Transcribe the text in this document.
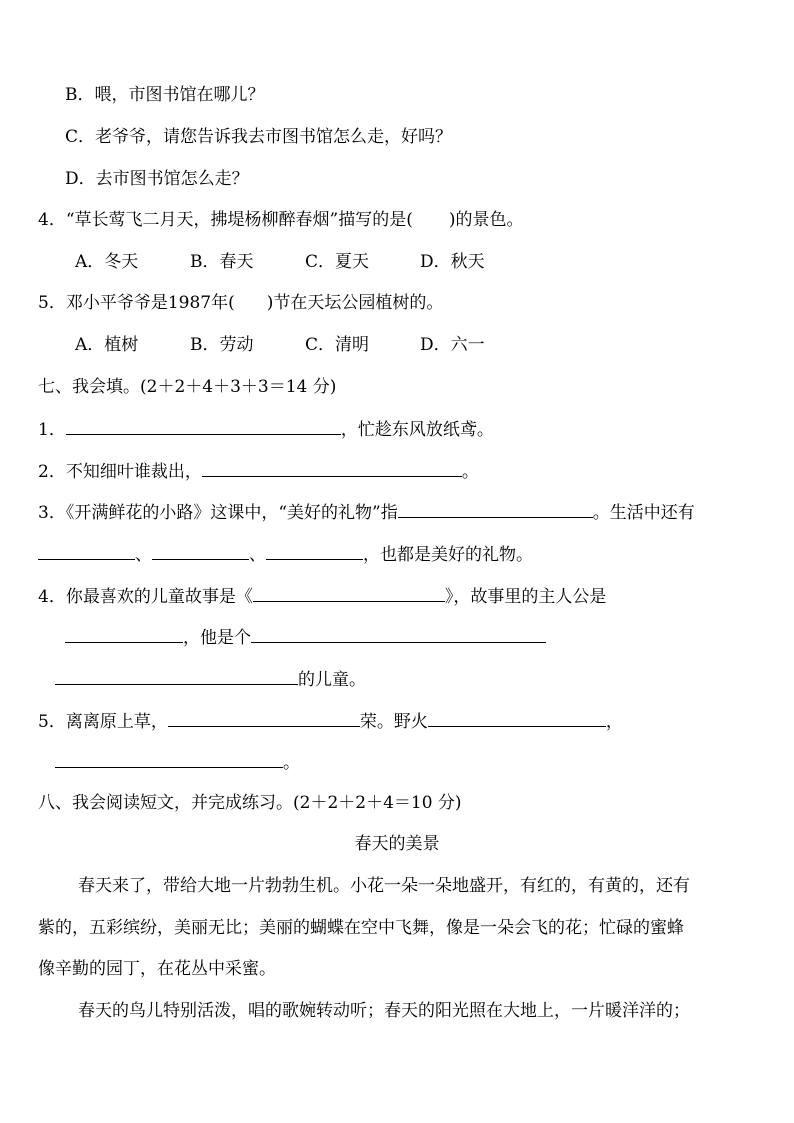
B．喂，市图书馆在哪儿？
C．老爷爷，请您告诉我去市图书馆怎么走，好吗？
D．去市图书馆怎么走？
4．“草长莺飞二月天，拂堤杨柳醉春烟”描写的是( )的景色。
A．冬天	B．春天	C．夏天	D．秋天
5．邓小平爷爷是1987年( )节在天坛公园植树的。
A．植树	B．劳动	C．清明	D．六一
七、我会填。(2＋2＋4＋3＋3＝14 分)
1．	，忙趁东风放纸鸢。
2．不知细叶谁裁出，	。
3．《开满鲜花的小路》这课中，“美好的礼物”指	。生活中还有
、	、	，也都是美好的礼物。
4．你最喜欢的儿童故事是《	》，故事里的主人公是
，他是个
的儿童。
5．离离原上草，	荣。野火	，
。
八、我会阅读短文，并完成练习。(2＋2＋2＋4＝10 分)
春天的美景
春天来了，带给大地一片勃勃生机。小花一朵一朵地盛开，有红的，有黄的，还有
紫的，五彩缤纷，美丽无比；美丽的蝴蝶在空中飞舞，像是一朵会飞的花；忙碌的蜜蜂
像辛勤的园丁，在花丛中采蜜。
春天的鸟儿特别活泼，唱的歌婉转动听；春天的阳光照在大地上，一片暖洋洋的；
